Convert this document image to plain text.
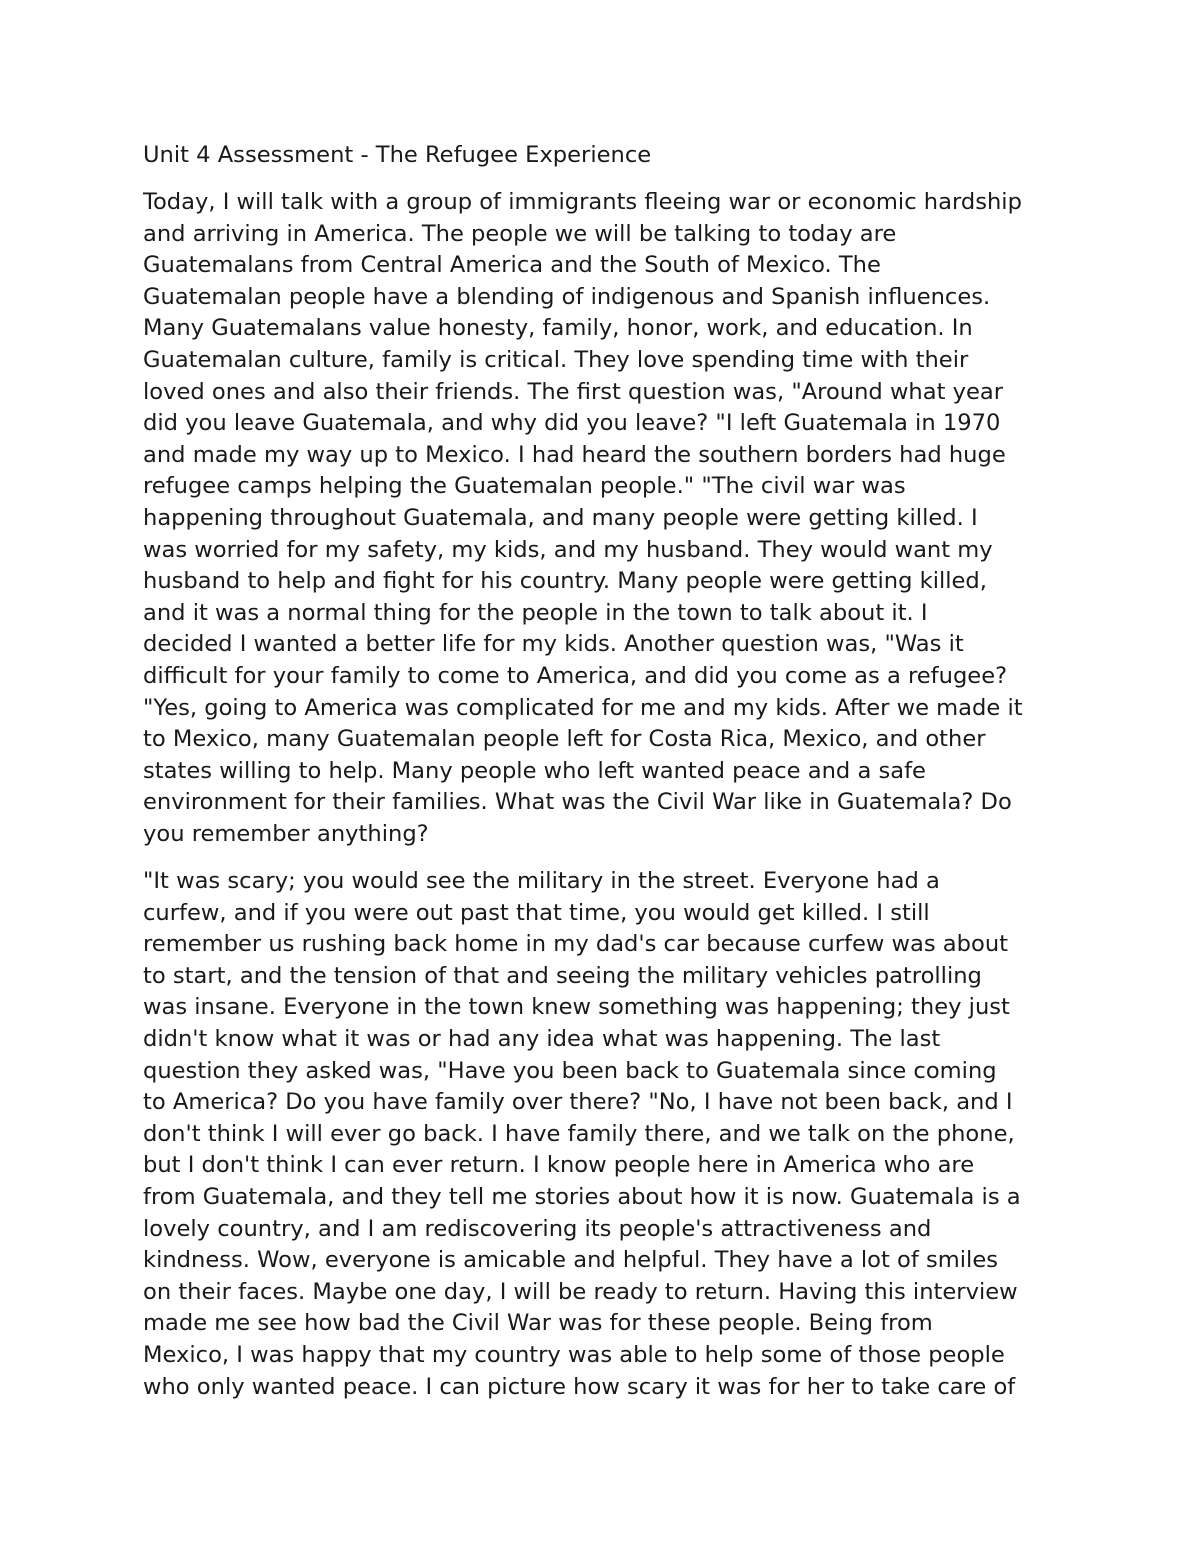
Unit 4 Assessment - The Refugee Experience
Today, I will talk with a group of immigrants fleeing war or economic hardship
and arriving in America. The people we will be talking to today are
Guatemalans from Central America and the South of Mexico. The
Guatemalan people have a blending of indigenous and Spanish influences.
Many Guatemalans value honesty, family, honor, work, and education. In
Guatemalan culture, family is critical. They love spending time with their
loved ones and also their friends. The first question was, "Around what year
did you leave Guatemala, and why did you leave? "I left Guatemala in 1970
and made my way up to Mexico. I had heard the southern borders had huge
refugee camps helping the Guatemalan people." "The civil war was
happening throughout Guatemala, and many people were getting killed. I
was worried for my safety, my kids, and my husband. They would want my
husband to help and fight for his country. Many people were getting killed,
and it was a normal thing for the people in the town to talk about it. I
decided I wanted a better life for my kids. Another question was, "Was it
difficult for your family to come to America, and did you come as a refugee?
"Yes, going to America was complicated for me and my kids. After we made it
to Mexico, many Guatemalan people left for Costa Rica, Mexico, and other
states willing to help. Many people who left wanted peace and a safe
environment for their families. What was the Civil War like in Guatemala? Do
you remember anything?
"It was scary; you would see the military in the street. Everyone had a
curfew, and if you were out past that time, you would get killed. I still
remember us rushing back home in my dad's car because curfew was about
to start, and the tension of that and seeing the military vehicles patrolling
was insane. Everyone in the town knew something was happening; they just
didn't know what it was or had any idea what was happening. The last
question they asked was, "Have you been back to Guatemala since coming
to America? Do you have family over there? "No, I have not been back, and I
don't think I will ever go back. I have family there, and we talk on the phone,
but I don't think I can ever return. I know people here in America who are
from Guatemala, and they tell me stories about how it is now. Guatemala is a
lovely country, and I am rediscovering its people's attractiveness and
kindness. Wow, everyone is amicable and helpful. They have a lot of smiles
on their faces. Maybe one day, I will be ready to return. Having this interview
made me see how bad the Civil War was for these people. Being from
Mexico, I was happy that my country was able to help some of those people
who only wanted peace. I can picture how scary it was for her to take care of
